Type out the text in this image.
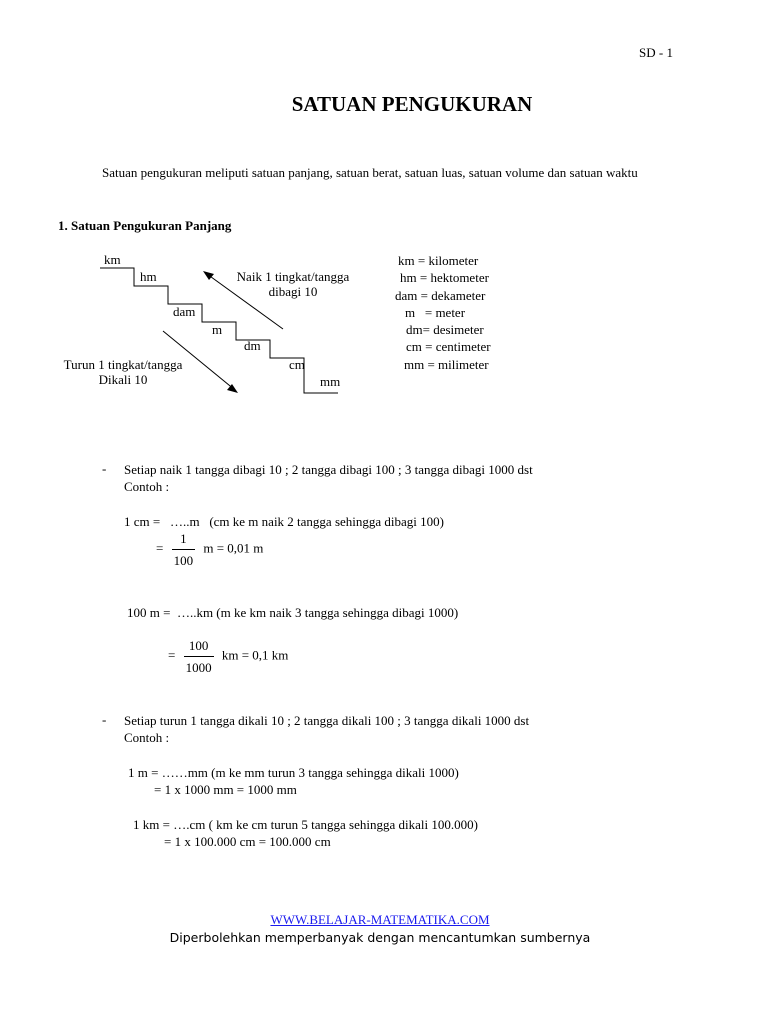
SD - 1
SATUAN PENGUKURAN
Satuan pengukuran meliputi satuan panjang, satuan berat, satuan luas, satuan volume dan satuan waktu
1. Satuan Pengukuran Panjang
km
hm
dam
m
dm
cm
mm
Naik 1 tingkat/tangga
dibagi 10
Turun 1 tingkat/tangga
Dikali 10
km = kilometer
hm = hektometer
dam = dekameter
m   = meter
dm= desimeter
cm = centimeter
mm = milimeter
- Setiap naik 1 tangga dibagi 10 ; 2 tangga dibagi 100 ; 3 tangga dibagi 1000 dst
Contoh :
1 cm =   …..m   (cm ke m naik 2 tangga sehingga dibagi 100)
= $\frac{1}{100}$ m = 0,01 m
100 m =  …..km (m ke km naik 3 tangga sehingga dibagi 1000)
= $\frac{100}{1000}$ km = 0,1 km
- Setiap turun 1 tangga dikali 10 ; 2 tangga dikali 100 ; 3 tangga dikali 1000 dst
Contoh :
1 m = ……mm (m ke mm turun 3 tangga sehingga dikali 1000)
= 1 x 1000 mm = 1000 mm
1 km = ….cm ( km ke cm turun 5 tangga sehingga dikali 100.000)
= 1 x 100.000 cm = 100.000 cm
WWW.BELAJAR-MATEMATIKA.COM
Diperbolehkan memperbanyak dengan mencantumkan sumbernya
